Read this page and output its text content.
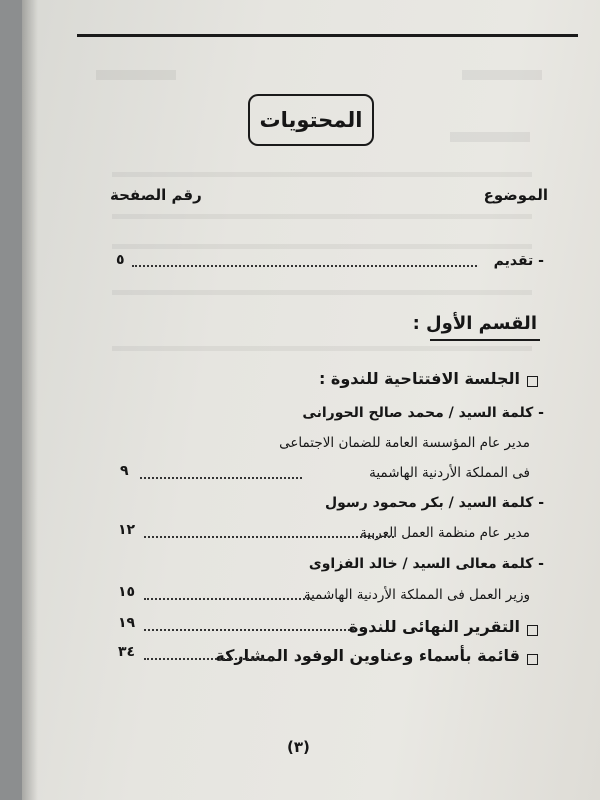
المحتويات
الموضوع
رقم الصفحة
- تقديم
٥
القسم الأول :
الجلسة الافتتاحية للندوة :
- كلمة السيد / محمد صالح الحورانى
مدير عام المؤسسة العامة للضمان الاجتماعى
فى المملكة الأردنية الهاشمية
٩
- كلمة السيد / بكر محمود رسول
مدير عام منظمة العمل العربية
١٢
- كلمة معالى السيد / خالد الفزاوى
وزير العمل فى المملكة الأردنية الهاشمية
١٥
التقرير النهائى للندوة
١٩
قائمة بأسماء وعناوين الوفود المشاركة
٣٤
(٣)
